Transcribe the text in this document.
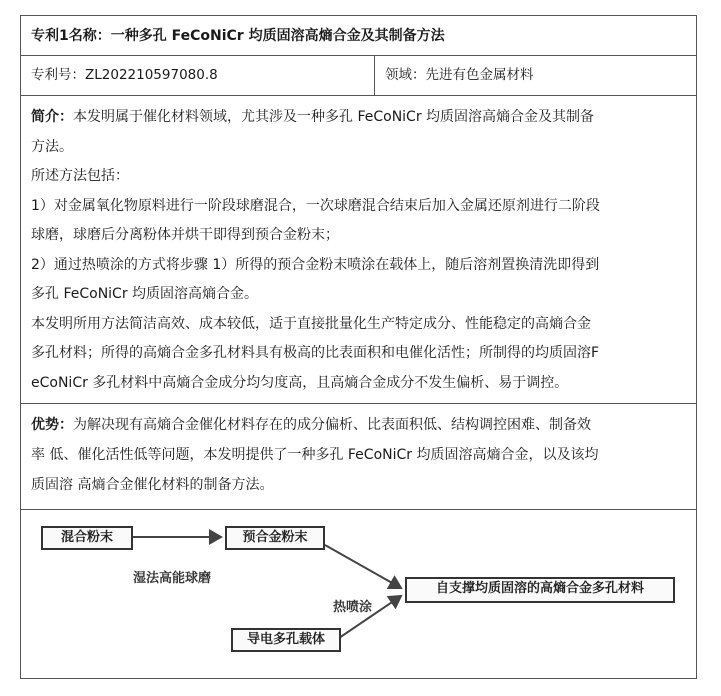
专利1名称：一种多孔 FeCoNiCr 均质固溶高熵合金及其制备方法
专利号：ZL202210597080.8	领域：先进有色金属材料

简介：本发明属于催化材料领域，尤其涉及一种多孔 FeCoNiCr 均质固溶高熵合金及其制备

方法。

所述方法包括：

1）对金属氧化物原料进行一阶段球磨混合，一次球磨混合结束后加入金属还原剂进行二阶段

球磨，球磨后分离粉体并烘干即得到预合金粉末；

2）通过热喷涂的方式将步骤 1）所得的预合金粉末喷涂在载体上，随后溶剂置换清洗即得到

多孔 FeCoNiCr 均质固溶高熵合金。

本发明所用方法简洁高效、成本较低，适于直接批量化生产特定成分、性能稳定的高熵合金

多孔材料；所得的高熵合金多孔材料具有极高的比表面积和电催化活性；所制得的均质固溶F

eCoNiCr 多孔材料中高熵合金成分均匀度高，且高熵合金成分不发生偏析、易于调控。

优势：为解决现有高熵合金催化材料存在的成分偏析、比表面积低、结构调控困难、制备效

率 低、催化活性低等问题，本发明提供了一种多孔 FeCoNiCr 均质固溶高熵合金，以及该均

质固溶 高熵合金催化材料的制备方法。

混合粉末	预合金粉末
湿法高能球磨
热喷涂
自支撑均质固溶的高熵合金多孔材料
导电多孔载体
